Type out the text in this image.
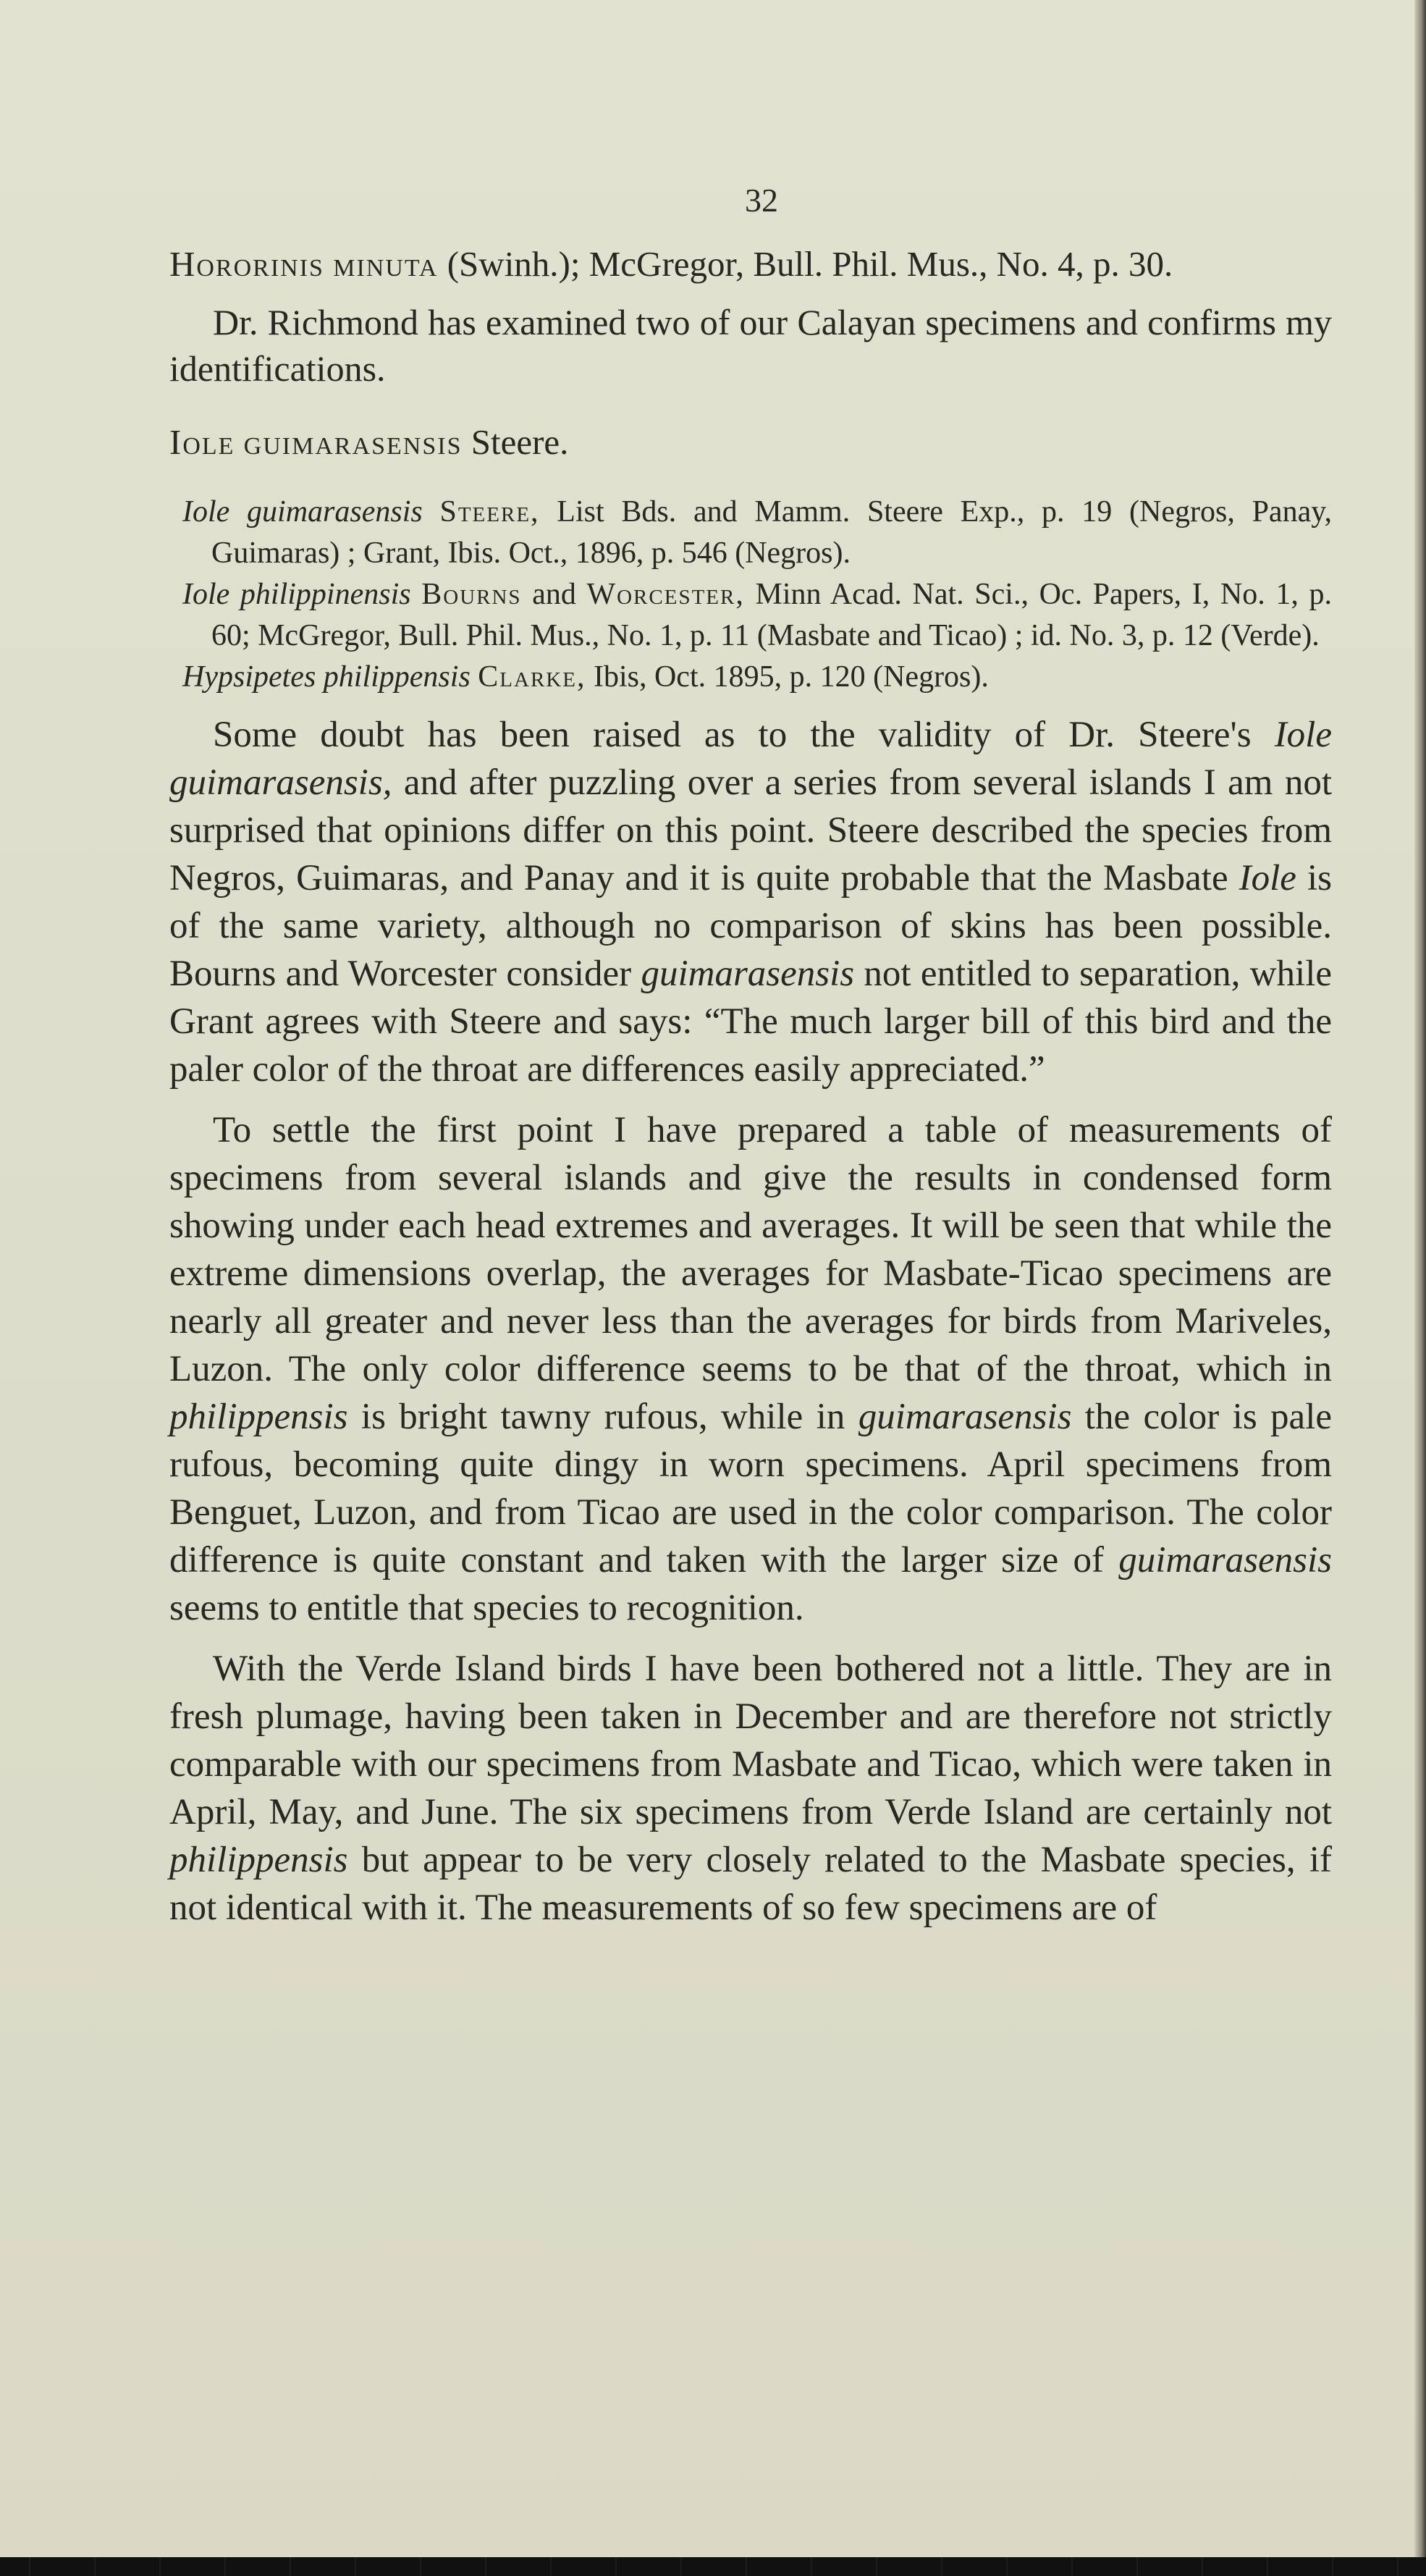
32

Hororinis minuta (Swinh.); McGregor, Bull. Phil. Mus., No. 4, p. 30.

Dr. Richmond has examined two of our Calayan specimens and confirms my identifications.

Iole guimarasensis Steere.

Iole guimarasensis Steere, List Bds. and Mamm. Steere Exp., p. 19 (Negros, Panay, Guimaras) ; Grant, Ibis. Oct., 1896, p. 546 (Negros).

Iole philippinensis Bourns and Worcester, Minn Acad. Nat. Sci., Oc. Papers, I, No. 1, p. 60; McGregor, Bull. Phil. Mus., No. 1, p. 11 (Masbate and Ticao) ; id. No. 3, p. 12 (Verde).

Hypsipetes philippensis Clarke, Ibis, Oct. 1895, p. 120 (Negros).

Some doubt has been raised as to the validity of Dr. Steere's Iole guimarasensis, and after puzzling over a series from several islands I am not surprised that opinions differ on this point. Steere described the species from Negros, Guimaras, and Panay and it is quite probable that the Masbate Iole is of the same variety, although no comparison of skins has been possible. Bourns and Worcester consider guimarasensis not entitled to separation, while Grant agrees with Steere and says: “The much larger bill of this bird and the paler color of the throat are differences easily appreciated.”

To settle the first point I have prepared a table of measurements of specimens from several islands and give the results in condensed form showing under each head extremes and averages. It will be seen that while the extreme dimensions overlap, the averages for Masbate-Ticao specimens are nearly all greater and never less than the averages for birds from Mariveles, Luzon. The only color difference seems to be that of the throat, which in philippensis is bright tawny rufous, while in guimarasensis the color is pale rufous, becoming quite dingy in worn specimens. April specimens from Benguet, Luzon, and from Ticao are used in the color comparison. The color difference is quite constant and taken with the larger size of guimarasensis seems to entitle that species to recognition.

With the Verde Island birds I have been bothered not a little. They are in fresh plumage, having been taken in December and are therefore not strictly comparable with our specimens from Masbate and Ticao, which were taken in April, May, and June. The six specimens from Verde Island are certainly not philippensis but appear to be very closely related to the Masbate species, if not identical with it. The measurements of so few specimens are of
